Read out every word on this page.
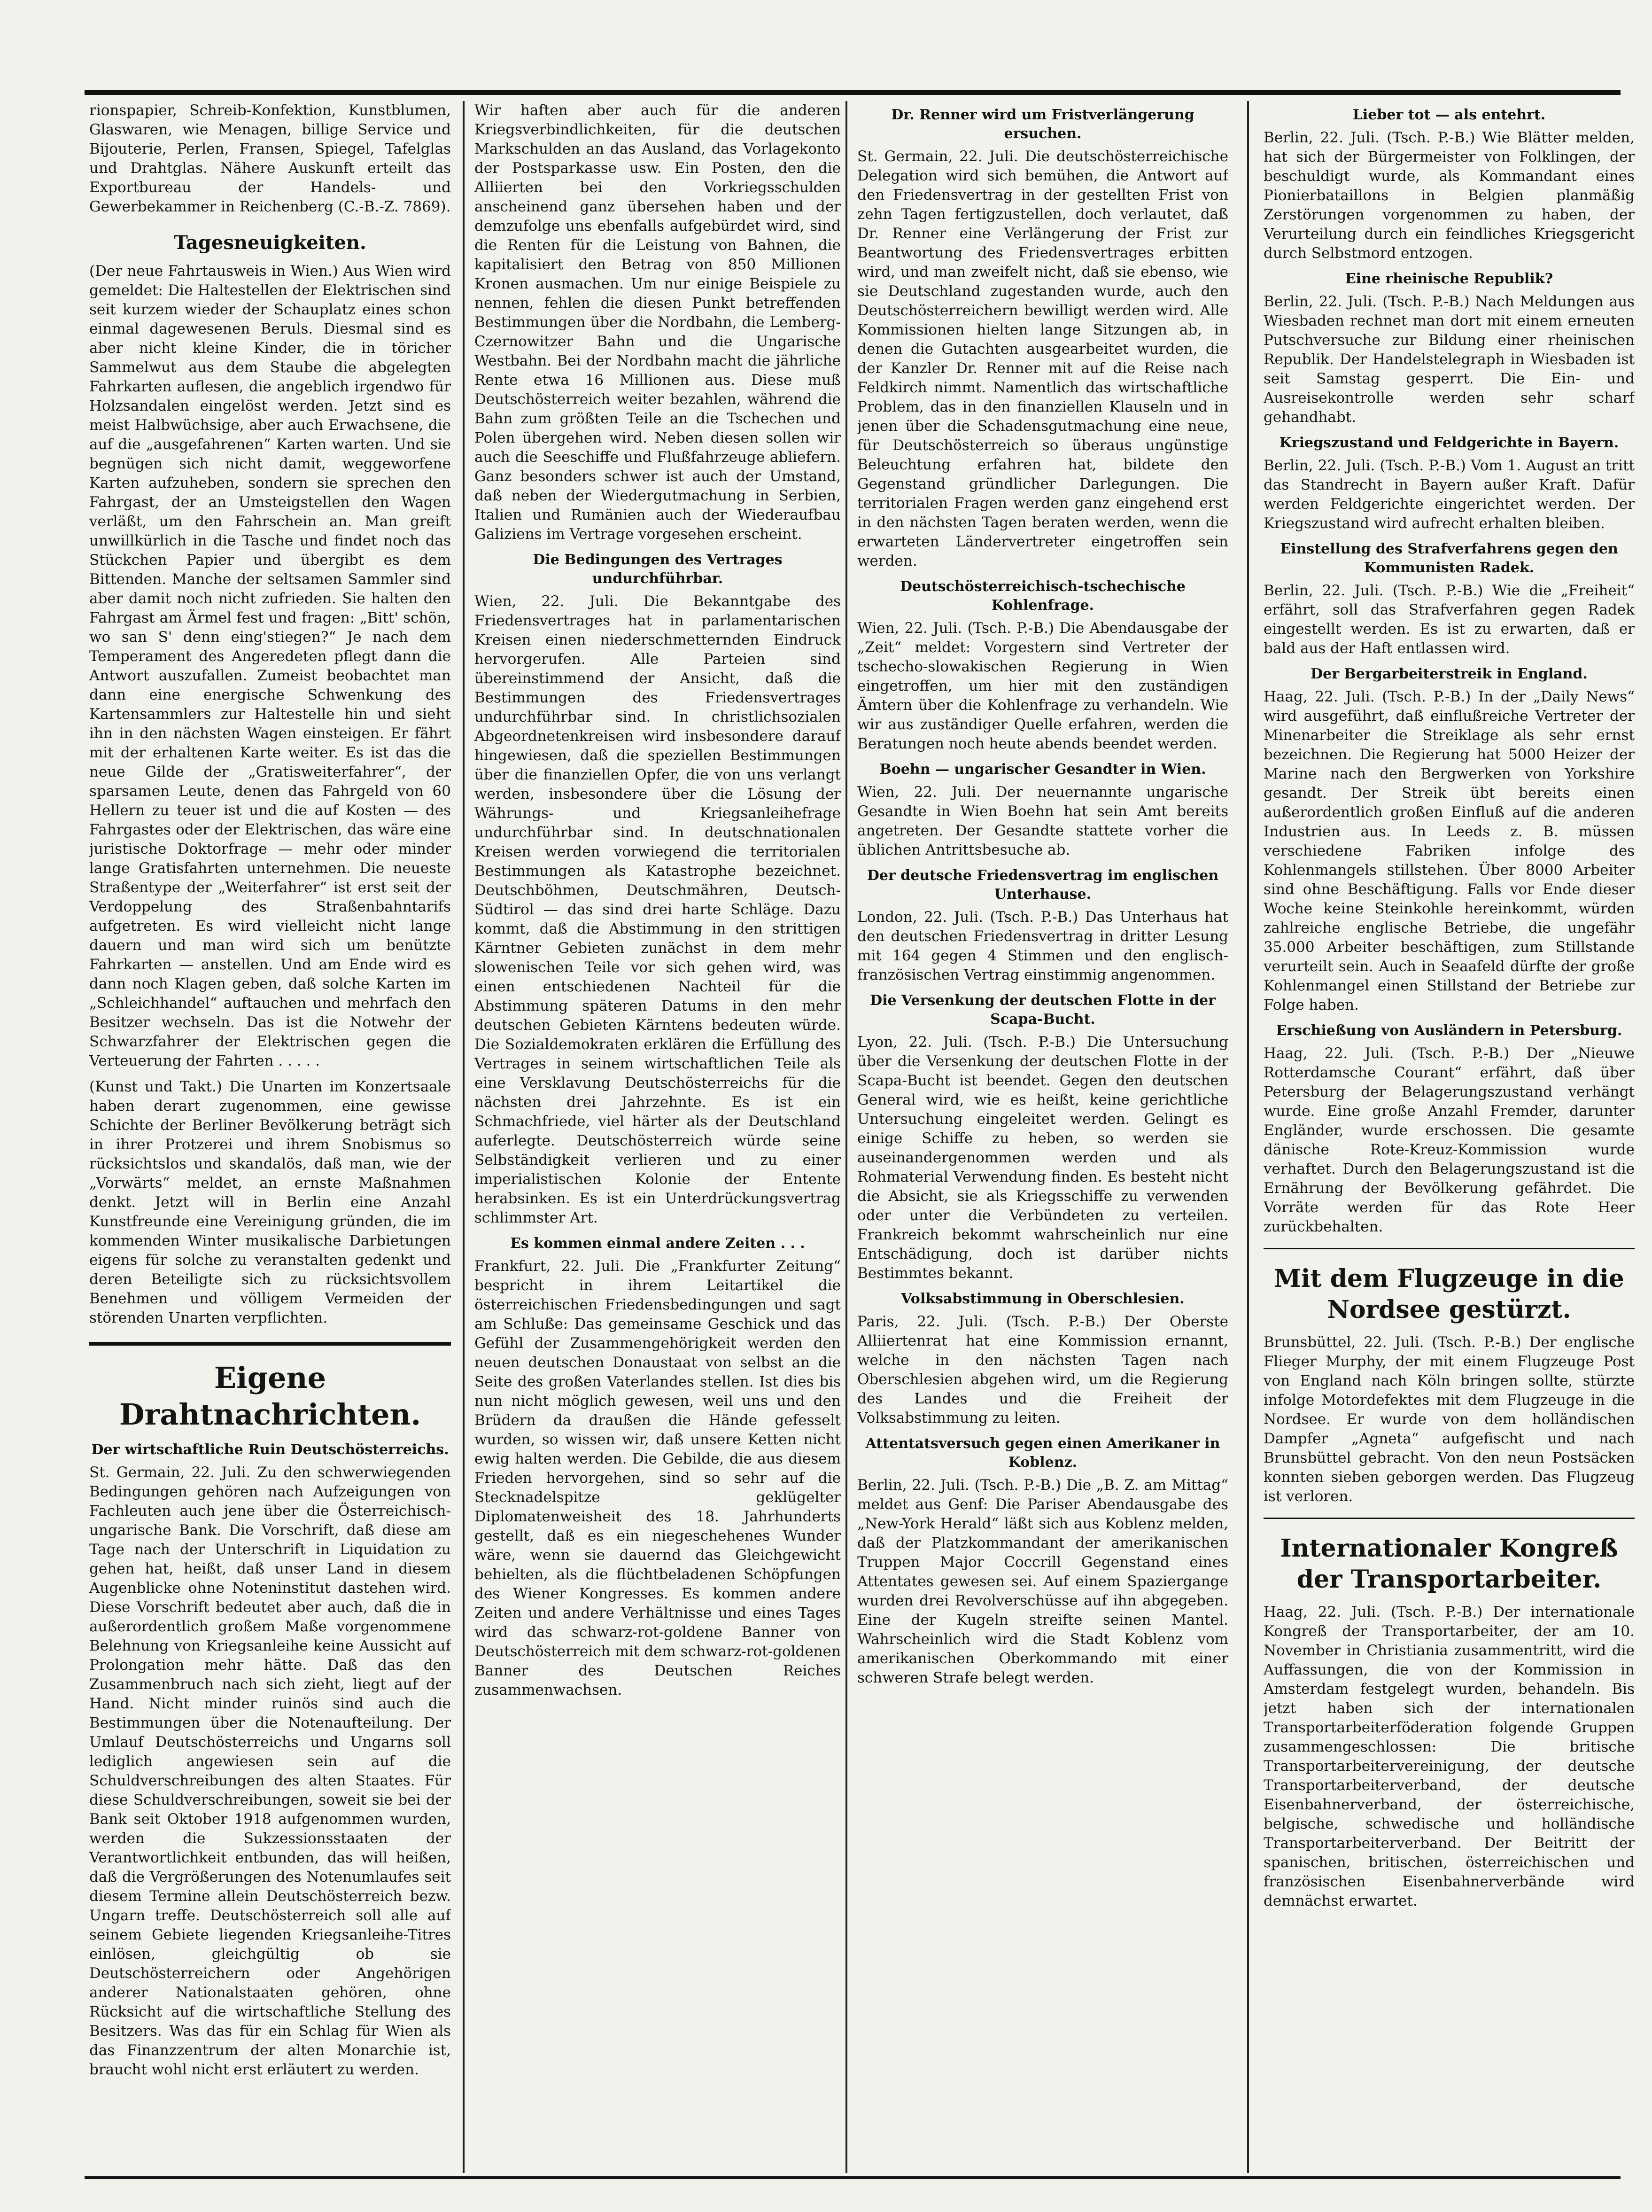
rionspapier, Schreib-Konfektion, Kunstblumen, Glaswaren, wie Menagen, billige Service und Bijouterie, Perlen, Fransen, Spiegel, Tafelglas und Drahtglas. Nähere Auskunft erteilt das Exportbureau der Handels- und Gewerbekammer in Reichenberg (C.-B.-Z. 7869).

Tagesneuigkeiten.

(Der neue Fahrtausweis in Wien.) Aus Wien wird gemeldet: Die Haltestellen der Elektrischen sind seit kurzem wieder der Schauplatz eines schon einmal dagewesenen Beruls. Diesmal sind es aber nicht kleine Kinder, die in töricher Sammelwut aus dem Staube die abgelegten Fahrkarten auflesen, die angeblich irgendwo für Holzsandalen eingelöst werden. Jetzt sind es meist Halbwüchsige, aber auch Erwachsene, die auf die „ausgefahrenen“ Karten warten. Und sie begnügen sich nicht damit, weggeworfene Karten aufzuheben, sondern sie sprechen den Fahrgast, der an Umsteigstellen den Wagen verläßt, um den Fahrschein an. Man greift unwillkürlich in die Tasche und findet noch das Stückchen Papier und übergibt es dem Bittenden. Manche der seltsamen Sammler sind aber damit noch nicht zufrieden. Sie halten den Fahrgast am Ärmel fest und fragen: „Bitt' schön, wo san S' denn eing'stiegen?“ Je nach dem Temperament des Angeredeten pflegt dann die Antwort auszufallen. Zumeist beobachtet man dann eine energische Schwenkung des Kartensammlers zur Haltestelle hin und sieht ihn in den nächsten Wagen einsteigen. Er fährt mit der erhaltenen Karte weiter. Es ist das die neue Gilde der „Gratisweiterfahrer“, der sparsamen Leute, denen das Fahrgeld von 60 Hellern zu teuer ist und die auf Kosten — des Fahrgastes oder der Elektrischen, das wäre eine juristische Doktorfrage — mehr oder minder lange Gratisfahrten unternehmen. Die neueste Straßentype der „Weiterfahrer“ ist erst seit der Verdoppelung des Straßenbahntarifs aufgetreten. Es wird vielleicht nicht lange dauern und man wird sich um benützte Fahrkarten — anstellen. Und am Ende wird es dann noch Klagen geben, daß solche Karten im „Schleichhandel“ auftauchen und mehrfach den Besitzer wechseln. Das ist die Notwehr der Schwarzfahrer der Elektrischen gegen die Verteuerung der Fahrten . . . . .

(Kunst und Takt.) Die Unarten im Konzertsaale haben derart zugenommen, eine gewisse Schichte der Berliner Bevölkerung beträgt sich in ihrer Protzerei und ihrem Snobismus so rücksichtslos und skandalös, daß man, wie der „Vorwärts“ meldet, an ernste Maßnahmen denkt. Jetzt will in Berlin eine Anzahl Kunstfreunde eine Vereinigung gründen, die im kommenden Winter musikalische Darbietungen eigens für solche zu veranstalten gedenkt und deren Beteiligte sich zu rücksichtsvollem Benehmen und völligem Vermeiden der störenden Unarten verpflichten.

Eigene Drahtnachrichten.
Der wirtschaftliche Ruin Deutschösterreichs.

St. Germain, 22. Juli. Zu den schwerwiegenden Bedingungen gehören nach Aufzeigungen von Fachleuten auch jene über die Österreichisch-ungarische Bank. Die Vorschrift, daß diese am Tage nach der Unterschrift in Liquidation zu gehen hat, heißt, daß unser Land in diesem Augenblicke ohne Noteninstitut dastehen wird. Diese Vorschrift bedeutet aber auch, daß die in außerordentlich großem Maße vorgenommene Belehnung von Kriegsanleihe keine Aussicht auf Prolongation mehr hätte. Daß das den Zusammenbruch nach sich zieht, liegt auf der Hand. Nicht minder ruinös sind auch die Bestimmungen über die Notenaufteilung. Der Umlauf Deutschösterreichs und Ungarns soll lediglich angewiesen sein auf die Schuldverschreibungen des alten Staates. Für diese Schuldverschreibungen, soweit sie bei der Bank seit Oktober 1918 aufgenommen wurden, werden die Sukzessionsstaaten der Verantwortlichkeit entbunden, das will heißen, daß die Vergrößerungen des Notenumlaufes seit diesem Termine allein Deutschösterreich bezw. Ungarn treffe. Deutschösterreich soll alle auf seinem Gebiete liegenden Kriegsanleihe-Titres einlösen, gleichgültig ob sie Deutschösterreichern oder Angehörigen anderer Nationalstaaten gehören, ohne Rücksicht auf die wirtschaftliche Stellung des Besitzers. Was das für ein Schlag für Wien als das Finanzzentrum der alten Monarchie ist, braucht wohl nicht erst erläutert zu werden.

Wir haften aber auch für die anderen Kriegsverbindlichkeiten, für die deutschen Markschulden an das Ausland, das Vorlagekonto der Postsparkasse usw. Ein Posten, den die Alliierten bei den Vorkriegsschulden anscheinend ganz übersehen haben und der demzufolge uns ebenfalls aufgebürdet wird, sind die Renten für die Leistung von Bahnen, die kapitalisiert den Betrag von 850 Millionen Kronen ausmachen. Um nur einige Beispiele zu nennen, fehlen die diesen Punkt betreffenden Bestimmungen über die Nordbahn, die Lemberg-Czernowitzer Bahn und die Ungarische Westbahn. Bei der Nordbahn macht die jährliche Rente etwa 16 Millionen aus. Diese muß Deutschösterreich weiter bezahlen, während die Bahn zum größten Teile an die Tschechen und Polen übergehen wird. Neben diesen sollen wir auch die Seeschiffe und Flußfahrzeuge abliefern. Ganz besonders schwer ist auch der Umstand, daß neben der Wiedergutmachung in Serbien, Italien und Rumänien auch der Wiederaufbau Galiziens im Vertrage vorgesehen erscheint.

Die Bedingungen des Vertrages undurchführbar.

Wien, 22. Juli. Die Bekanntgabe des Friedensvertrages hat in parlamentarischen Kreisen einen niederschmetternden Eindruck hervorgerufen. Alle Parteien sind übereinstimmend der Ansicht, daß die Bestimmungen des Friedensvertrages undurchführbar sind. In christlichsozialen Abgeordnetenkreisen wird insbesondere darauf hingewiesen, daß die speziellen Bestimmungen über die finanziellen Opfer, die von uns verlangt werden, insbesondere über die Lösung der Währungs- und Kriegsanleihefrage undurchführbar sind. In deutschnationalen Kreisen werden vorwiegend die territorialen Bestimmungen als Katastrophe bezeichnet. Deutschböhmen, Deutschmähren, Deutsch-Südtirol — das sind drei harte Schläge. Dazu kommt, daß die Abstimmung in den strittigen Kärntner Gebieten zunächst in dem mehr slowenischen Teile vor sich gehen wird, was einen entschiedenen Nachteil für die Abstimmung späteren Datums in den mehr deutschen Gebieten Kärntens bedeuten würde. Die Sozialdemokraten erklären die Erfüllung des Vertrages in seinem wirtschaftlichen Teile als eine Versklavung Deutschösterreichs für die nächsten drei Jahrzehnte. Es ist ein Schmachfriede, viel härter als der Deutschland auferlegte. Deutschösterreich würde seine Selbständigkeit verlieren und zu einer imperialistischen Kolonie der Entente herabsinken. Es ist ein Unterdrückungsvertrag schlimmster Art.

Es kommen einmal andere Zeiten . . .

Frankfurt, 22. Juli. Die „Frankfurter Zeitung“ bespricht in ihrem Leitartikel die österreichischen Friedensbedingungen und sagt am Schluße: Das gemeinsame Geschick und das Gefühl der Zusammengehörigkeit werden den neuen deutschen Donaustaat von selbst an die Seite des großen Vaterlandes stellen. Ist dies bis nun nicht möglich gewesen, weil uns und den Brüdern da draußen die Hände gefesselt wurden, so wissen wir, daß unsere Ketten nicht ewig halten werden. Die Gebilde, die aus diesem Frieden hervorgehen, sind so sehr auf die Stecknadelspitze geklügelter Diplomatenweisheit des 18. Jahrhunderts gestellt, daß es ein niegeschehenes Wunder wäre, wenn sie dauernd das Gleichgewicht behielten, als die flüchtbeladenen Schöpfungen des Wiener Kongresses. Es kommen andere Zeiten und andere Verhältnisse und eines Tages wird das schwarz-rot-goldene Banner von Deutschösterreich mit dem schwarz-rot-goldenen Banner des Deutschen Reiches zusammenwachsen.

Dr. Renner wird um Fristverlängerung ersuchen.

St. Germain, 22. Juli. Die deutschösterreichische Delegation wird sich bemühen, die Antwort auf den Friedensvertrag in der gestellten Frist von zehn Tagen fertigzustellen, doch verlautet, daß Dr. Renner eine Verlängerung der Frist zur Beantwortung des Friedensvertrages erbitten wird, und man zweifelt nicht, daß sie ebenso, wie sie Deutschland zugestanden wurde, auch den Deutschösterreichern bewilligt werden wird. Alle Kommissionen hielten lange Sitzungen ab, in denen die Gutachten ausgearbeitet wurden, die der Kanzler Dr. Renner mit auf die Reise nach Feldkirch nimmt. Namentlich das wirtschaftliche Problem, das in den finanziellen Klauseln und in jenen über die Schadensgutmachung eine neue, für Deutschösterreich so überaus ungünstige Beleuchtung erfahren hat, bildete den Gegenstand gründlicher Darlegungen. Die territorialen Fragen werden ganz eingehend erst in den nächsten Tagen beraten werden, wenn die erwarteten Ländervertreter eingetroffen sein werden.

Deutschösterreichisch-tschechische Kohlenfrage.

Wien, 22. Juli. (Tsch. P.-B.) Die Abendausgabe der „Zeit“ meldet: Vorgestern sind Vertreter der tschecho-slowakischen Regierung in Wien eingetroffen, um hier mit den zuständigen Ämtern über die Kohlenfrage zu verhandeln. Wie wir aus zuständiger Quelle erfahren, werden die Beratungen noch heute abends beendet werden.

Boehn — ungarischer Gesandter in Wien.

Wien, 22. Juli. Der neuernannte ungarische Gesandte in Wien Boehn hat sein Amt bereits angetreten. Der Gesandte stattete vorher die üblichen Antrittsbesuche ab.

Der deutsche Friedensvertrag im englischen Unterhause.

London, 22. Juli. (Tsch. P.-B.) Das Unterhaus hat den deutschen Friedensvertrag in dritter Lesung mit 164 gegen 4 Stimmen und den englisch-französischen Vertrag einstimmig angenommen.

Die Versenkung der deutschen Flotte in der Scapa-Bucht.

Lyon, 22. Juli. (Tsch. P.-B.) Die Untersuchung über die Versenkung der deutschen Flotte in der Scapa-Bucht ist beendet. Gegen den deutschen General wird, wie es heißt, keine gerichtliche Untersuchung eingeleitet werden. Gelingt es einige Schiffe zu heben, so werden sie auseinandergenommen werden und als Rohmaterial Verwendung finden. Es besteht nicht die Absicht, sie als Kriegsschiffe zu verwenden oder unter die Verbündeten zu verteilen. Frankreich bekommt wahrscheinlich nur eine Entschädigung, doch ist darüber nichts Bestimmtes bekannt.

Volksabstimmung in Oberschlesien.

Paris, 22. Juli. (Tsch. P.-B.) Der Oberste Alliiertenrat hat eine Kommission ernannt, welche in den nächsten Tagen nach Oberschlesien abgehen wird, um die Regierung des Landes und die Freiheit der Volksabstimmung zu leiten.

Attentatsversuch gegen einen Amerikaner in Koblenz.

Berlin, 22. Juli. (Tsch. P.-B.) Die „B. Z. am Mittag“ meldet aus Genf: Die Pariser Abendausgabe des „New-York Herald“ läßt sich aus Koblenz melden, daß der Platzkommandant der amerikanischen Truppen Major Coccrill Gegenstand eines Attentates gewesen sei. Auf einem Spaziergange wurden drei Revolverschüsse auf ihn abgegeben. Eine der Kugeln streifte seinen Mantel. Wahrscheinlich wird die Stadt Koblenz vom amerikanischen Oberkommando mit einer schweren Strafe belegt werden.

Lieber tot — als entehrt.

Berlin, 22. Juli. (Tsch. P.-B.) Wie Blätter melden, hat sich der Bürgermeister von Folklingen, der beschuldigt wurde, als Kommandant eines Pionierbataillons in Belgien planmäßig Zerstörungen vorgenommen zu haben, der Verurteilung durch ein feindliches Kriegsgericht durch Selbstmord entzogen.

Eine rheinische Republik?

Berlin, 22. Juli. (Tsch. P.-B.) Nach Meldungen aus Wiesbaden rechnet man dort mit einem erneuten Putschversuche zur Bildung einer rheinischen Republik. Der Handelstelegraph in Wiesbaden ist seit Samstag gesperrt. Die Ein- und Ausreisekontrolle werden sehr scharf gehandhabt.

Kriegszustand und Feldgerichte in Bayern.

Berlin, 22. Juli. (Tsch. P.-B.) Vom 1. August an tritt das Standrecht in Bayern außer Kraft. Dafür werden Feldgerichte eingerichtet werden. Der Kriegszustand wird aufrecht erhalten bleiben.

Einstellung des Strafverfahrens gegen den Kommunisten Radek.

Berlin, 22. Juli. (Tsch. P.-B.) Wie die „Freiheit“ erfährt, soll das Strafverfahren gegen Radek eingestellt werden. Es ist zu erwarten, daß er bald aus der Haft entlassen wird.

Der Bergarbeiterstreik in England.

Haag, 22. Juli. (Tsch. P.-B.) In der „Daily News“ wird ausgeführt, daß einflußreiche Vertreter der Minenarbeiter die Streiklage als sehr ernst bezeichnen. Die Regierung hat 5000 Heizer der Marine nach den Bergwerken von Yorkshire gesandt. Der Streik übt bereits einen außerordentlich großen Einfluß auf die anderen Industrien aus. In Leeds z. B. müssen verschiedene Fabriken infolge des Kohlenmangels stillstehen. Über 8000 Arbeiter sind ohne Beschäftigung. Falls vor Ende dieser Woche keine Steinkohle hereinkommt, würden zahlreiche englische Betriebe, die ungefähr 35.000 Arbeiter beschäftigen, zum Stillstande verurteilt sein. Auch in Seaafeld dürfte der große Kohlenmangel einen Stillstand der Betriebe zur Folge haben.

Erschießung von Ausländern in Petersburg.

Haag, 22. Juli. (Tsch. P.-B.) Der „Nieuwe Rotterdamsche Courant“ erfährt, daß über Petersburg der Belagerungszustand verhängt wurde. Eine große Anzahl Fremder, darunter Engländer, wurde erschossen. Die gesamte dänische Rote-Kreuz-Kommission wurde verhaftet. Durch den Belagerungszustand ist die Ernährung der Bevölkerung gefährdet. Die Vorräte werden für das Rote Heer zurückbehalten.

Mit dem Flugzeuge in die Nordsee gestürzt.

Brunsbüttel, 22. Juli. (Tsch. P.-B.) Der englische Flieger Murphy, der mit einem Flugzeuge Post von England nach Köln bringen sollte, stürzte infolge Motordefektes mit dem Flugzeuge in die Nordsee. Er wurde von dem holländischen Dampfer „Agneta“ aufgefischt und nach Brunsbüttel gebracht. Von den neun Postsäcken konnten sieben geborgen werden. Das Flugzeug ist verloren.

Internationaler Kongreß der Transportarbeiter.

Haag, 22. Juli. (Tsch. P.-B.) Der internationale Kongreß der Transportarbeiter, der am 10. November in Christiania zusammentritt, wird die Auffassungen, die von der Kommission in Amsterdam festgelegt wurden, behandeln. Bis jetzt haben sich der internationalen Transportarbeiterföderation folgende Gruppen zusammengeschlossen: Die britische Transportarbeitervereinigung, der deutsche Transportarbeiterverband, der deutsche Eisenbahnerverband, der österreichische, belgische, schwedische und holländische Transportarbeiterverband. Der Beitritt der spanischen, britischen, österreichischen und französischen Eisenbahnerverbände wird demnächst erwartet.
